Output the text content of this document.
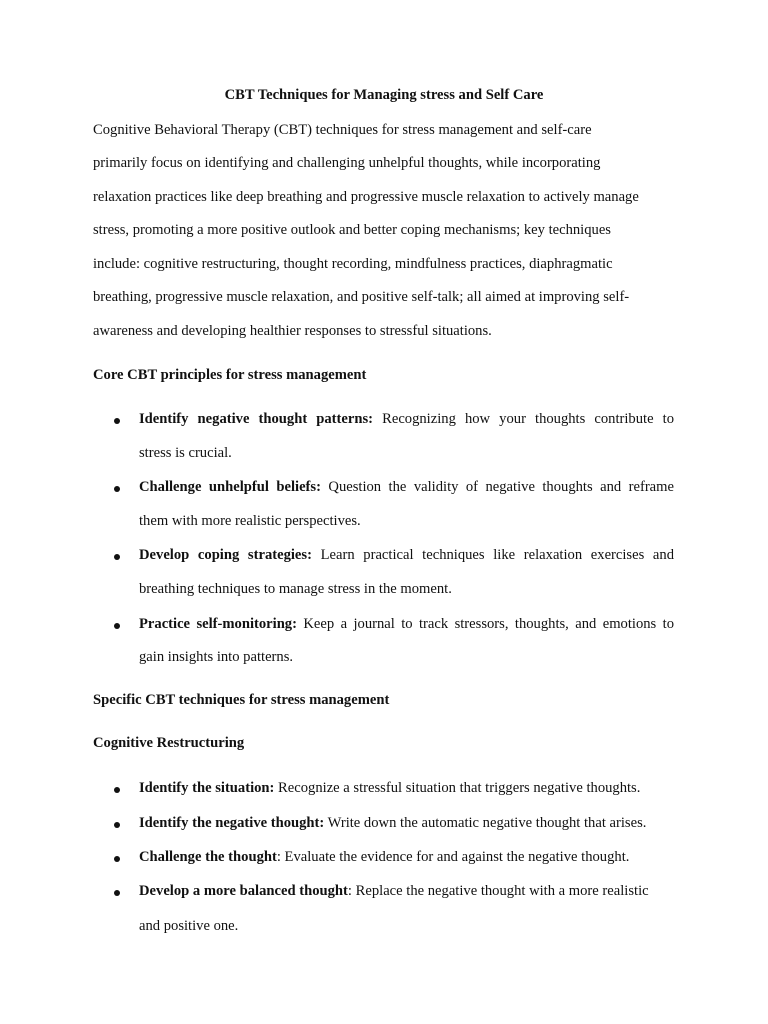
CBT Techniques for Managing stress and Self Care
Cognitive Behavioral Therapy (CBT) techniques for stress management and self-care
primarily focus on identifying and challenging unhelpful thoughts, while incorporating
relaxation practices like deep breathing and progressive muscle relaxation to actively manage
stress, promoting a more positive outlook and better coping mechanisms; key techniques
include: cognitive restructuring, thought recording, mindfulness practices, diaphragmatic
breathing, progressive muscle relaxation, and positive self-talk; all aimed at improving self-
awareness and developing healthier responses to stressful situations.
Core CBT principles for stress management
Identify negative thought patterns: Recognizing how your thoughts contribute to
stress is crucial.
Challenge unhelpful beliefs: Question the validity of negative thoughts and reframe
them with more realistic perspectives.
Develop coping strategies: Learn practical techniques like relaxation exercises and
breathing techniques to manage stress in the moment.
Practice self-monitoring: Keep a journal to track stressors, thoughts, and emotions to
gain insights into patterns.
Specific CBT techniques for stress management
Cognitive Restructuring
Identify the situation: Recognize a stressful situation that triggers negative thoughts.
Identify the negative thought: Write down the automatic negative thought that arises.
Challenge the thought: Evaluate the evidence for and against the negative thought.
Develop a more balanced thought: Replace the negative thought with a more realistic
and positive one.
